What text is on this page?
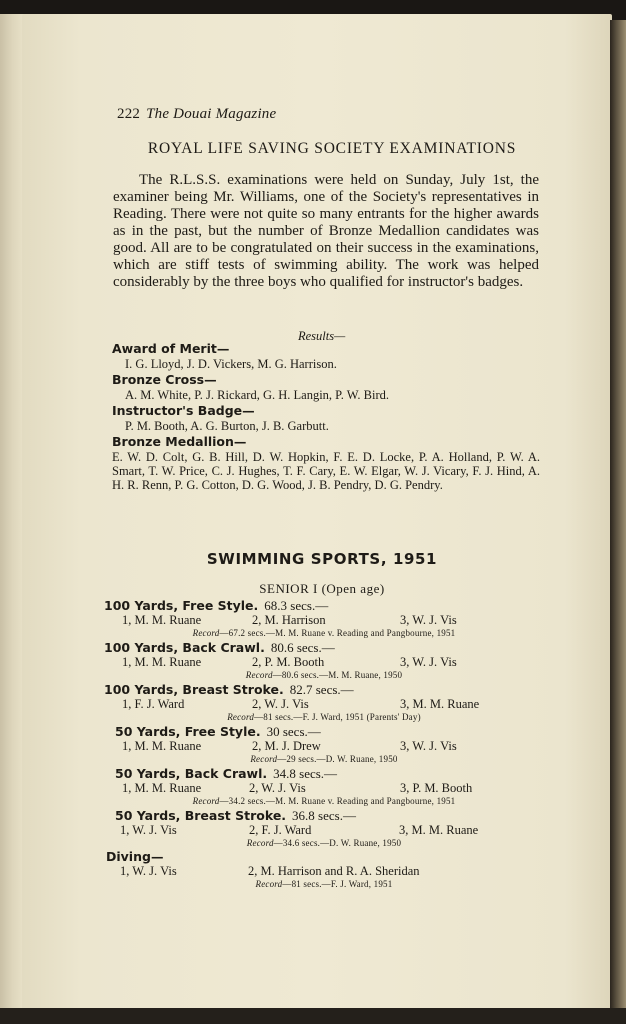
222 The Douai Magazine
ROYAL LIFE SAVING SOCIETY EXAMINATIONS
The R.L.S.S. examinations were held on Sunday, July 1st, the examiner being Mr. Williams, one of the Society's representatives in Reading. There were not quite so many entrants for the higher awards as in the past, but the number of Bronze Medallion candidates was good. All are to be congratulated on their success in the examinations, which are stiff tests of swimming ability. The work was helped considerably by the three boys who qualified for instructor's badges.
Results—
Award of Merit—
I. G. Lloyd, J. D. Vickers, M. G. Harrison.
Bronze Cross—
A. M. White, P. J. Rickard, G. H. Langin, P. W. Bird.
Instructor's Badge—
P. M. Booth, A. G. Burton, J. B. Garbutt.
Bronze Medallion—
E. W. D. Colt, G. B. Hill, D. W. Hopkin, F. E. D. Locke, P. A. Holland, P. W. A. Smart, T. W. Price, C. J. Hughes, T. F. Cary, E. W. Elgar, W. J. Vicary, F. J. Hind, A. H. R. Renn, P. G. Cotton, D. G. Wood, J. B. Pendry, D. G. Pendry.
SWIMMING SPORTS, 1951
SENIOR I (Open age)
100 Yards, Free Style. 68.3 secs.—
1, M. M. Ruane	2, M. Harrison	3, W. J. Vis
Record—67.2 secs.—M. M. Ruane v. Reading and Pangbourne, 1951
100 Yards, Back Crawl. 80.6 secs.—
1, M. M. Ruane	2, P. M. Booth	3, W. J. Vis
Record—80.6 secs.—M. M. Ruane, 1950
100 Yards, Breast Stroke. 82.7 secs.—
1, F. J. Ward	2, W. J. Vis	3, M. M. Ruane
Record—81 secs.—F. J. Ward, 1951 (Parents' Day)
50 Yards, Free Style. 30 secs.—
1, M. M. Ruane	2, M. J. Drew	3, W. J. Vis
Record—29 secs.—D. W. Ruane, 1950
50 Yards, Back Crawl. 34.8 secs.—
1, M. M. Ruane	2, W. J. Vis	3, P. M. Booth
Record—34.2 secs.—M. M. Ruane v. Reading and Pangbourne, 1951
50 Yards, Breast Stroke. 36.8 secs.—
1, W. J. Vis	2, F. J. Ward	3, M. M. Ruane
Record—34.6 secs.—D. W. Ruane, 1950
Diving—
1, W. J. Vis	2, M. Harrison and R. A. Sheridan
Record—81 secs.—F. J. Ward, 1951
